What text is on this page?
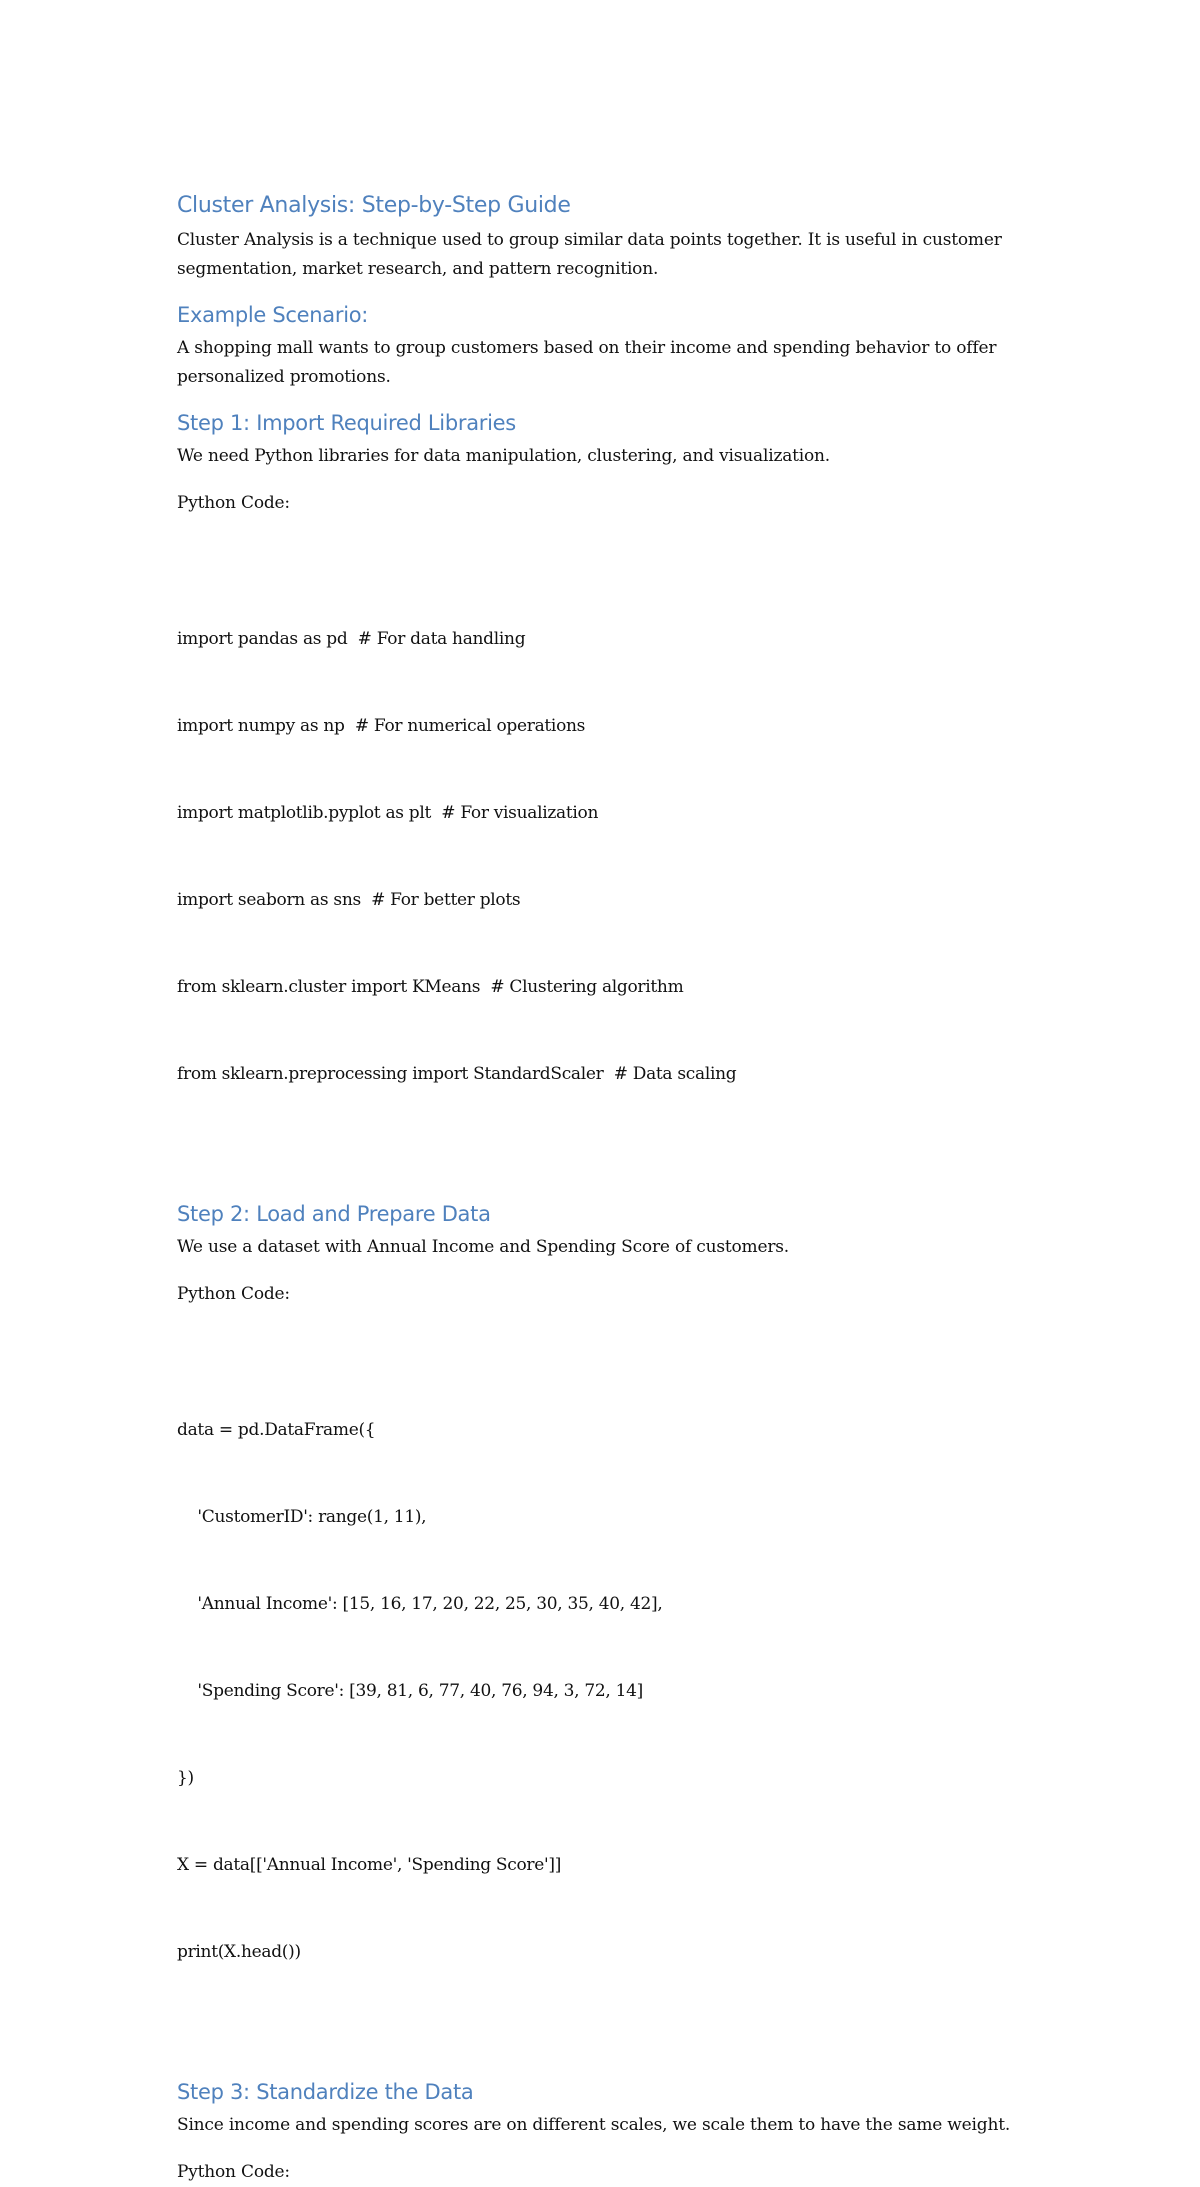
Cluster Analysis: Step-by-Step Guide

Cluster Analysis is a technique used to group similar data points together. It is useful in customer segmentation, market research, and pattern recognition.

Example Scenario:

A shopping mall wants to group customers based on their income and spending behavior to offer personalized promotions.

Step 1: Import Required Libraries

We need Python libraries for data manipulation, clustering, and visualization.

Python Code:

import pandas as pd  # For data handling

import numpy as np  # For numerical operations

import matplotlib.pyplot as plt  # For visualization

import seaborn as sns  # For better plots

from sklearn.cluster import KMeans  # Clustering algorithm

from sklearn.preprocessing import StandardScaler  # Data scaling

Step 2: Load and Prepare Data

We use a dataset with Annual Income and Spending Score of customers.

Python Code:

data = pd.DataFrame({

'CustomerID': range(1, 11),

'Annual Income': [15, 16, 17, 20, 22, 25, 30, 35, 40, 42],

'Spending Score': [39, 81, 6, 77, 40, 76, 94, 3, 72, 14]

})

X = data[['Annual Income', 'Spending Score']]

print(X.head())

Step 3: Standardize the Data

Since income and spending scores are on different scales, we scale them to have the same weight.

Python Code:
